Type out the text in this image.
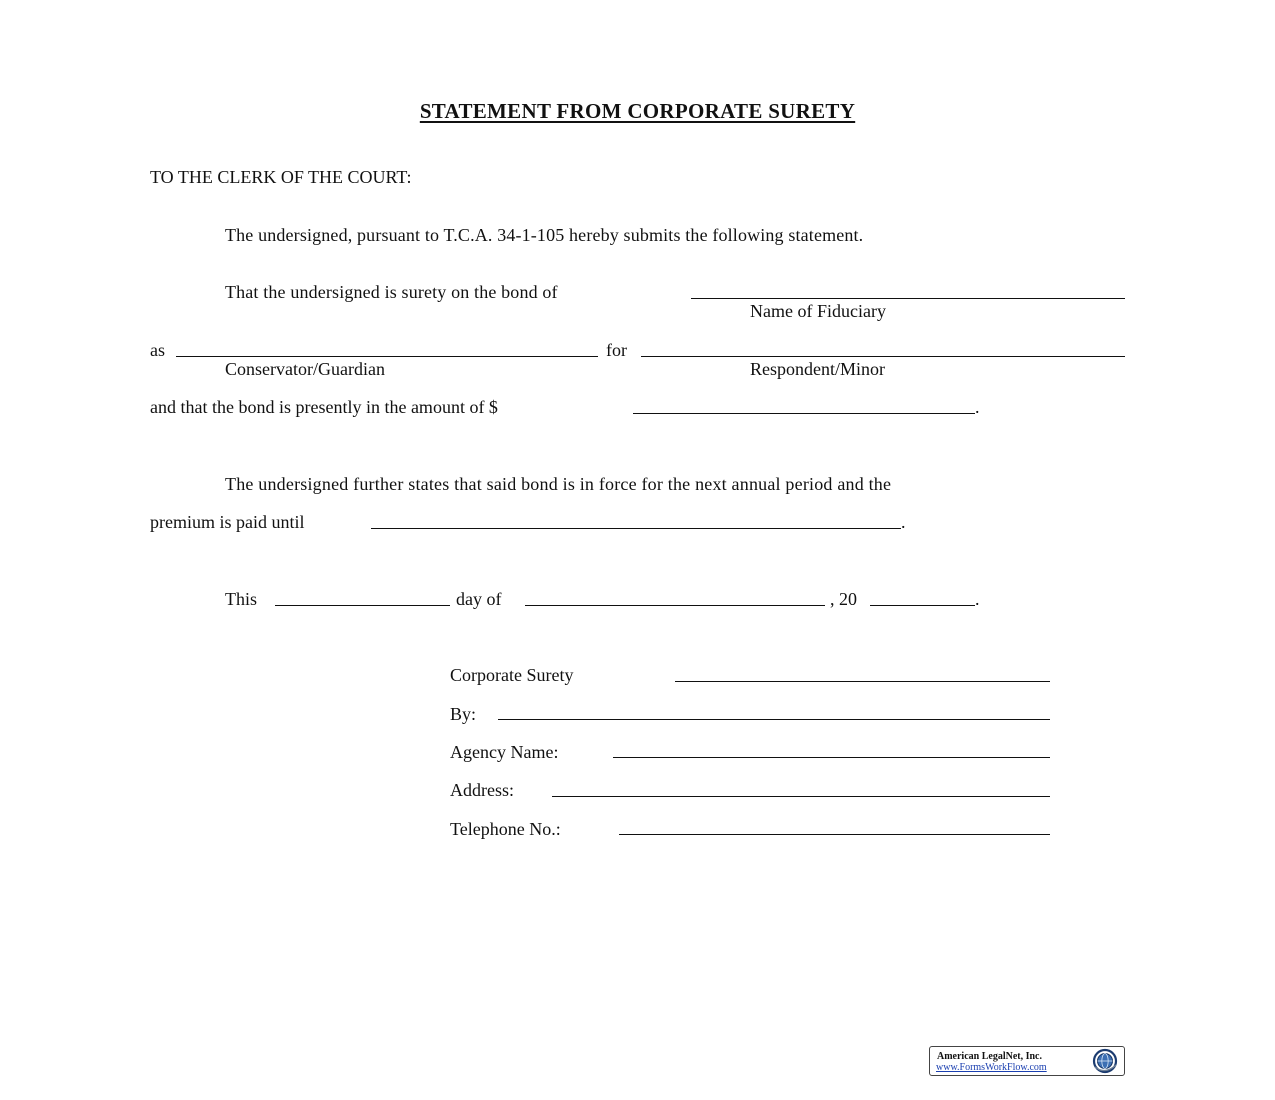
STATEMENT FROM CORPORATE SURETY
TO THE CLERK OF THE COURT:
The undersigned, pursuant to T.C.A. 34-1-105 hereby submits the following statement.
That the undersigned is surety on the bond of
Name of Fiduciary
as	for
Conservator/Guardian	Respondent/Minor
and that the bond is presently in the amount of $	.
The undersigned further states that said bond is in force for the next annual period and the
premium is paid until	.
This	day of	, 20	.
Corporate Surety
By:
Agency Name:
Address:
Telephone No.:
American LegalNet, Inc.
www.FormsWorkFlow.com
